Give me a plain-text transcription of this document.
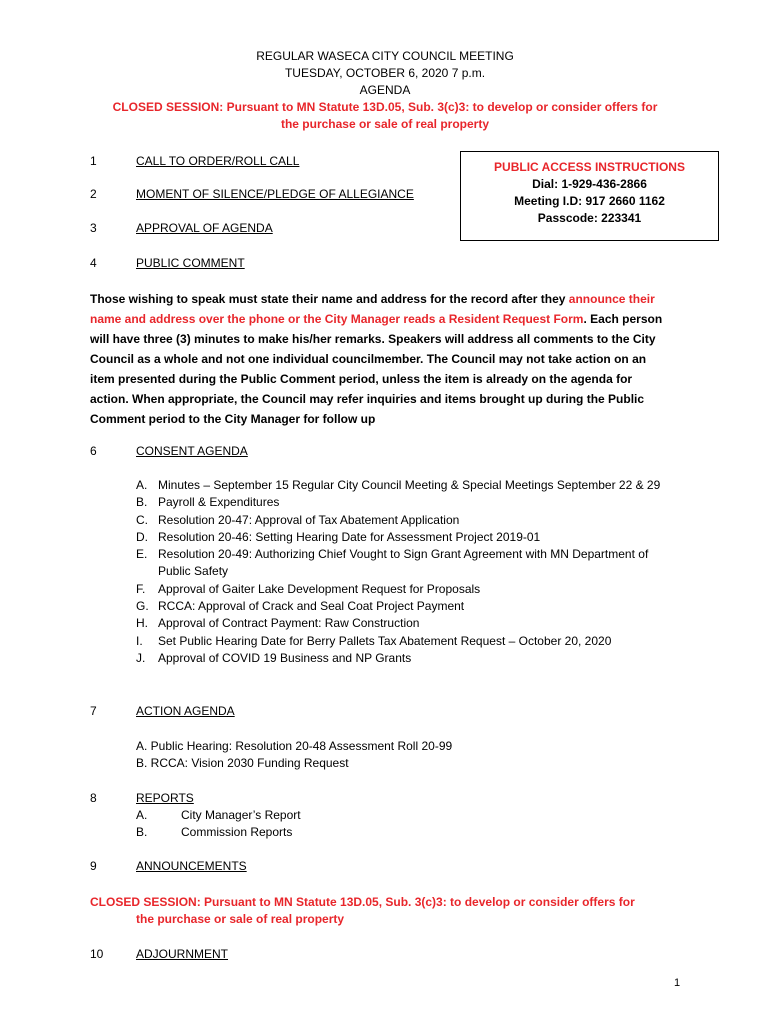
REGULAR WASECA CITY COUNCIL MEETING
TUESDAY, OCTOBER 6, 2020 7 p.m.
AGENDA
CLOSED SESSION: Pursuant to MN Statute 13D.05, Sub. 3(c)3: to develop or consider offers for
the purchase or sale of real property
PUBLIC ACCESS INSTRUCTIONS
Dial: 1-929-436-2866
Meeting I.D: 917 2660 1162
Passcode: 223341
1	CALL TO ORDER/ROLL CALL
2	MOMENT OF SILENCE/PLEDGE OF ALLEGIANCE
3	APPROVAL OF AGENDA
4	PUBLIC COMMENT
Those wishing to speak must state their name and address for the record after they announce their name and address over the phone or the City Manager reads a Resident Request Form. Each person will have three (3) minutes to make his/her remarks. Speakers will address all comments to the City Council as a whole and not one individual councilmember. The Council may not take action on an item presented during the Public Comment period, unless the item is already on the agenda for action. When appropriate, the Council may refer inquiries and items brought up during the Public Comment period to the City Manager for follow up
6	CONSENT AGENDA
A. Minutes – September 15 Regular City Council Meeting & Special Meetings September 22 & 29
B. Payroll & Expenditures
C. Resolution 20-47: Approval of Tax Abatement Application
D. Resolution 20-46: Setting Hearing Date for Assessment Project 2019-01
E. Resolution 20-49: Authorizing Chief Vought to Sign Grant Agreement with MN Department of Public Safety
F. Approval of Gaiter Lake Development Request for Proposals
G. RCCA: Approval of Crack and Seal Coat Project Payment
H. Approval of Contract Payment: Raw Construction
I. Set Public Hearing Date for Berry Pallets Tax Abatement Request – October 20, 2020
J. Approval of COVID 19 Business and NP Grants
7	ACTION AGENDA
A. Public Hearing: Resolution 20-48 Assessment Roll 20-99
B. RCCA: Vision 2030 Funding Request
8	REPORTS
A.	City Manager’s Report
B.	Commission Reports
9	ANNOUNCEMENTS
CLOSED SESSION: Pursuant to MN Statute 13D.05, Sub. 3(c)3: to develop or consider offers for
the purchase or sale of real property
10	ADJOURNMENT
1
